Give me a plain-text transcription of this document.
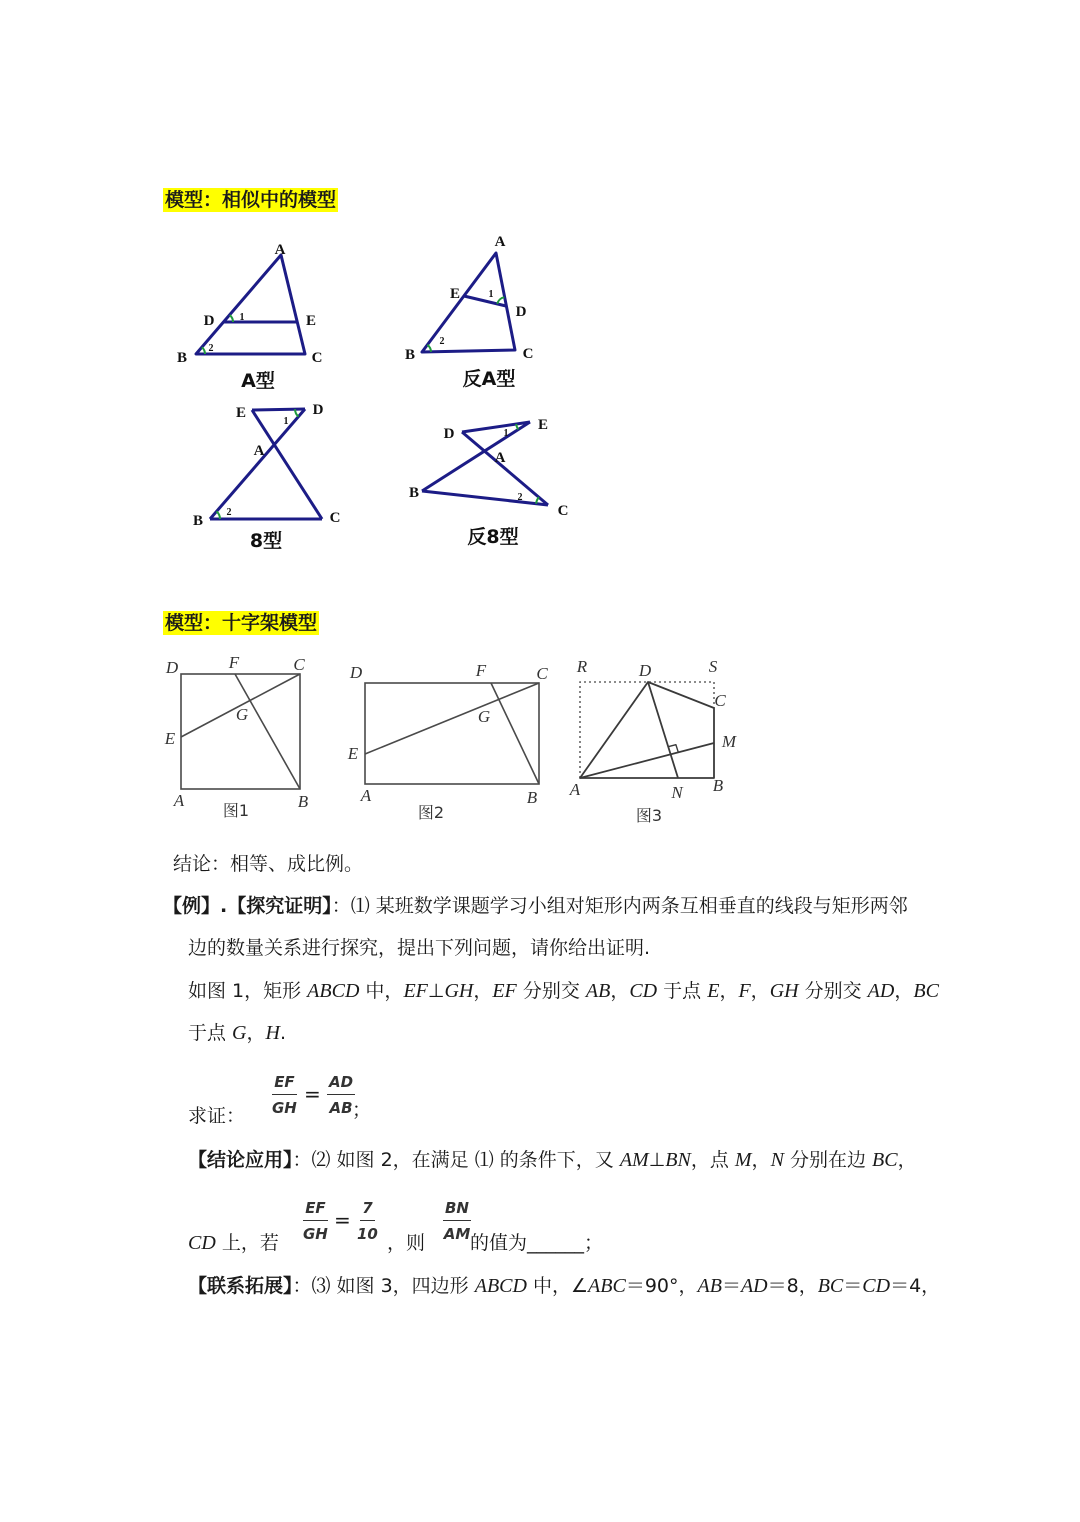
模型：相似中的模型
模型：十字架模型
A
D	E
B	C
1
2
A型
A
E
D
B	C
1
2
反A型
E	D
A
B	C
1
2
8型
D
E
A
B
C
1
2
反8型
D	F	C
G
E
A	B
图1
D	F	C
G
E
A	B
图2
R	D	S
C
M
B
A	N
图3
结论：相等、成比例。
【例】.【探究证明】：⑴ 某班数学课题学习小组对矩形内两条互相垂直的线段与矩形两邻
边的数量关系进行探究，提出下列问题，请你给出证明.
如图 1，矩形 ABCD 中，EF⊥GH，EF 分别交 AB，CD 于点 E，F，GH 分别交 AD，BC
于点 G，H.
求证： $\frac{EF}{GH} = \frac{AD}{AB}$
；
【结论应用】：⑵ 如图 2，在满足 ⑴ 的条件下，又 AM⊥BN，点 M，N 分别在边 BC，
CD 上，若 $\frac{EF}{GH} = \frac{7}{10}$ ，则 $\frac{BN}{AM}$ 的值为______；
【联系拓展】：⑶ 如图 3，四边形 ABCD 中，∠ABC＝90°，AB＝AD＝8，BC＝CD＝4，
